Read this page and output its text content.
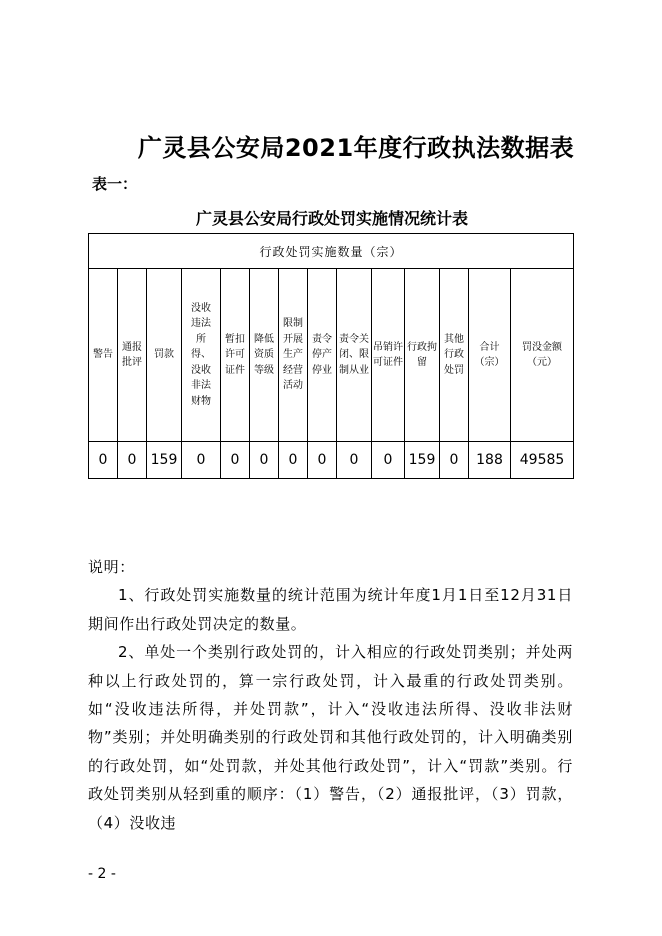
广灵县公安局2021年度行政执法数据表
表一：
广灵县公安局行政处罚实施情况统计表
行政处罚实施数量（宗）													
警告	通报批评	罚款	没收违法所得、没收非法财物	暂扣许可证件	降低资质等级	限制开展生产经营活动	责令停产停业	责令关闭、限制从业	吊销许可证件	行政拘留	其他行政处罚	合计（宗）	罚没金额（元）
0	0	159	0	0	0	0	0	0	0	159	0	188	49585

说明：

1、行政处罚实施数量的统计范围为统计年度1月1日至12月31日期间作出行政处罚决定的数量。

2、单处一个类别行政处罚的，计入相应的行政处罚类别；并处两种以上行政处罚的，算一宗行政处罚，计入最重的行政处罚类别。如“没收违法所得，并处罚款”，计入“没收违法所得、没收非法财物”类别；并处明确类别的行政处罚和其他行政处罚的，计入明确类别的行政处罚，如“处罚款，并处其他行政处罚”，计入“罚款”类别。行政处罚类别从轻到重的顺序：（1）警告，（2）通报批评，（3）罚款，（4）没收违

- 2 -
